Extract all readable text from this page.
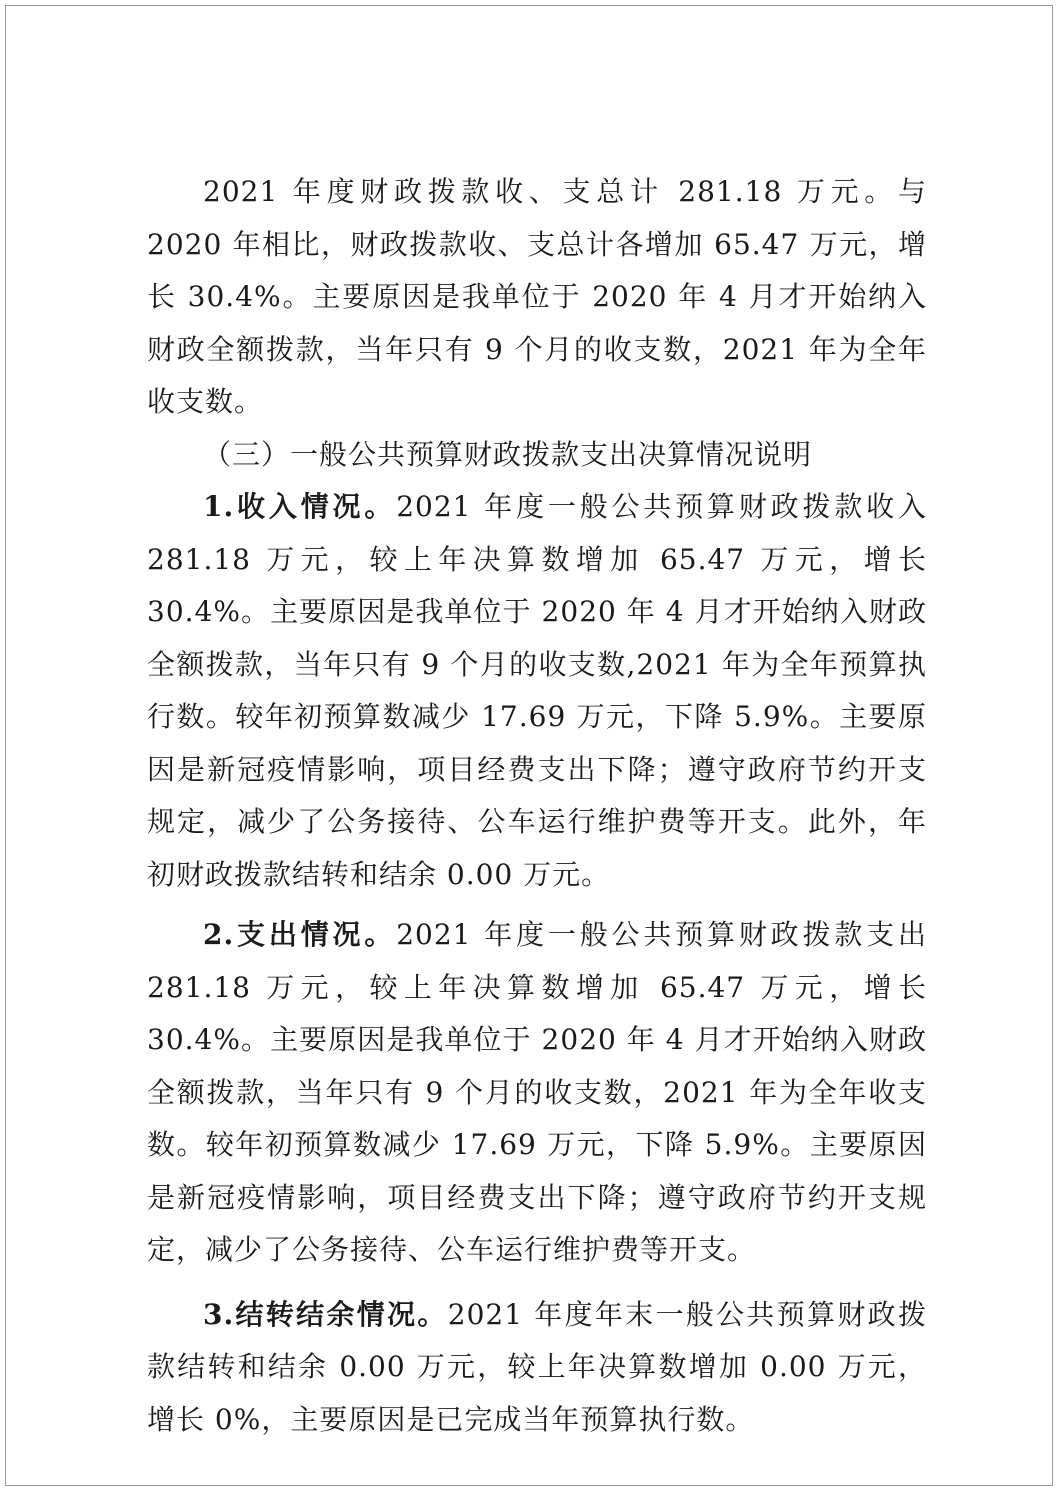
2021 年度财政拨款收、支总计 281.18 万元。与 2020 年相比，财政拨款收、支总计各增加 65.47 万元，增长 30.4%。主要原因是我单位于 2020 年 4 月才开始纳入财政全额拨款，当年只有 9 个月的收支数，2021 年为全年收支数。

（三）一般公共预算财政拨款支出决算情况说明

1.收入情况。2021 年度一般公共预算财政拨款收入 281.18 万元，较上年决算数增加 65.47 万元，增长 30.4%。主要原因是我单位于 2020 年 4 月才开始纳入财政全额拨款，当年只有 9 个月的收支数,2021 年为全年预算执行数。较年初预算数减少 17.69 万元，下降 5.9%。主要原因是新冠疫情影响，项目经费支出下降；遵守政府节约开支规定，减少了公务接待、公车运行维护费等开支。此外，年初财政拨款结转和结余 0.00 万元。

2.支出情况。2021 年度一般公共预算财政拨款支出 281.18 万元，较上年决算数增加 65.47 万元，增长 30.4%。主要原因是我单位于 2020 年 4 月才开始纳入财政全额拨款，当年只有 9 个月的收支数，2021 年为全年收支数。较年初预算数减少 17.69 万元，下降 5.9%。主要原因是新冠疫情影响，项目经费支出下降；遵守政府节约开支规定，减少了公务接待、公车运行维护费等开支。

3.结转结余情况。2021 年度年末一般公共预算财政拨款结转和结余 0.00 万元，较上年决算数增加 0.00 万元，增长 0%，主要原因是已完成当年预算执行数。
